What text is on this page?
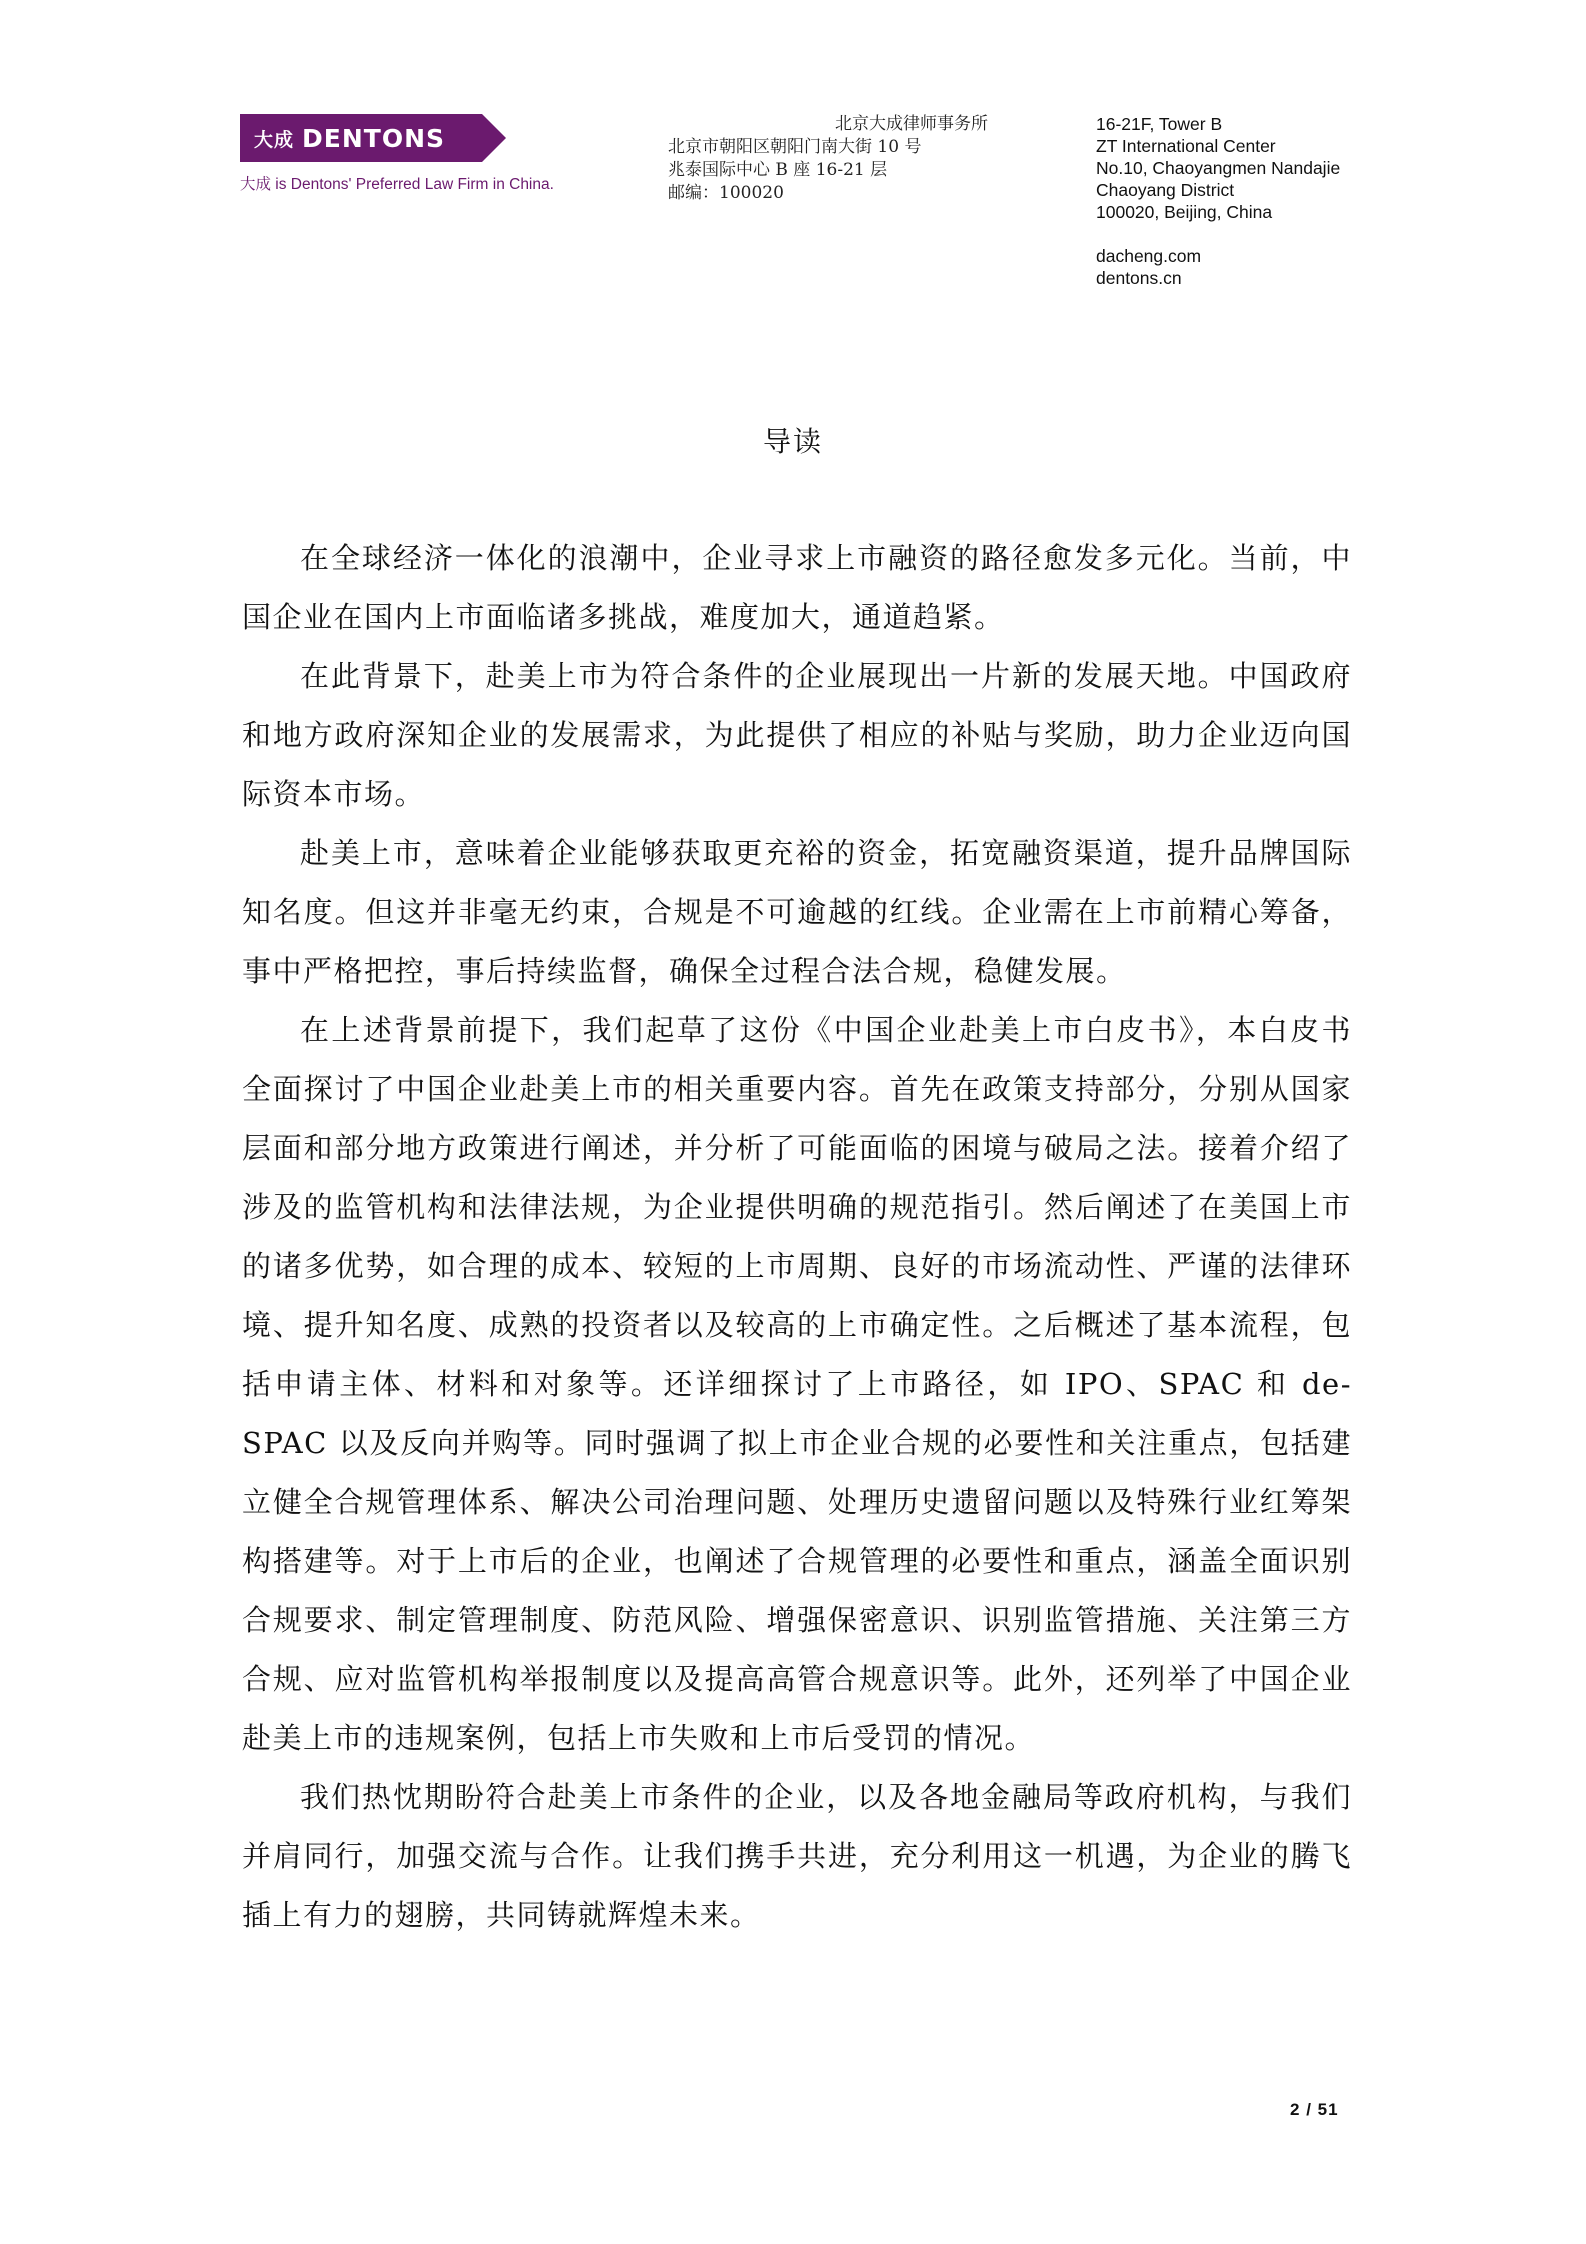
大成 DENTONS
大成 is Dentons' Preferred Law Firm in China.
北京大成律师事务所
北京市朝阳区朝阳门南大街 10 号
兆泰国际中心 B 座 16-21 层
邮编：100020
16-21F, Tower B
ZT International Center
No.10, Chaoyangmen Nandajie
Chaoyang District
100020, Beijing, China
dacheng.com
dentons.cn
导读

在全球经济一体化的浪潮中，企业寻求上市融资的路径愈发多元化。当前，中国企业在国内上市面临诸多挑战，难度加大，通道趋紧。

在此背景下，赴美上市为符合条件的企业展现出一片新的发展天地。中国政府和地方政府深知企业的发展需求，为此提供了相应的补贴与奖励，助力企业迈向国际资本市场。

赴美上市，意味着企业能够获取更充裕的资金，拓宽融资渠道，提升品牌国际知名度。但这并非毫无约束，合规是不可逾越的红线。企业需在上市前精心筹备，事中严格把控，事后持续监督，确保全过程合法合规，稳健发展。

在上述背景前提下，我们起草了这份《中国企业赴美上市白皮书》，本白皮书全面探讨了中国企业赴美上市的相关重要内容。首先在政策支持部分，分别从国家层面和部分地方政策进行阐述，并分析了可能面临的困境与破局之法。接着介绍了涉及的监管机构和法律法规，为企业提供明确的规范指引。然后阐述了在美国上市的诸多优势，如合理的成本、较短的上市周期、良好的市场流动性、严谨的法律环境、提升知名度、成熟的投资者以及较高的上市确定性。之后概述了基本流程，包括申请主体、材料和对象等。还详细探讨了上市路径，如 IPO、SPAC 和 de-SPAC 以及反向并购等。同时强调了拟上市企业合规的必要性和关注重点，包括建立健全合规管理体系、解决公司治理问题、处理历史遗留问题以及特殊行业红筹架构搭建等。对于上市后的企业，也阐述了合规管理的必要性和重点，涵盖全面识别合规要求、制定管理制度、防范风险、增强保密意识、识别监管措施、关注第三方合规、应对监管机构举报制度以及提高高管合规意识等。此外，还列举了中国企业赴美上市的违规案例，包括上市失败和上市后受罚的情况。

我们热忱期盼符合赴美上市条件的企业，以及各地金融局等政府机构，与我们并肩同行，加强交流与合作。让我们携手共进，充分利用这一机遇，为企业的腾飞插上有力的翅膀，共同铸就辉煌未来。

2 / 51
